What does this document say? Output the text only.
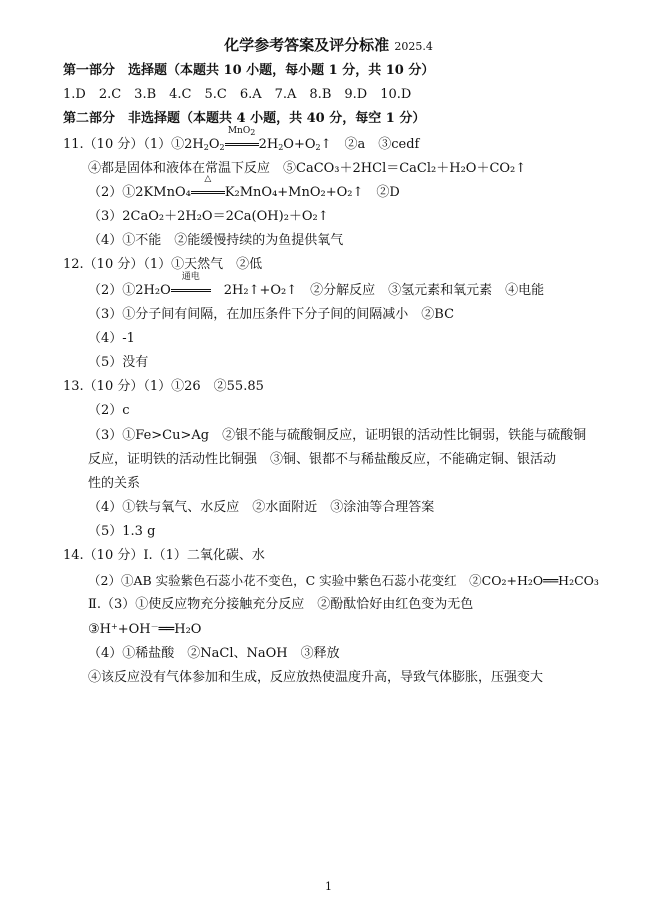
化学参考答案及评分标准 2025.4
第一部分　选择题（本题共 10 小题，每小题 1 分，共 10 分）
1.D　2.C　3.B　4.C　5.C　6.A　7.A　8.B　9.D　10.D
第二部分　非选择题（本题共 4 小题，共 40 分，每空 1 分）
11.（10 分）$(1)①2H_2O_2$
MnO$_2$
$2H_2O+O_2↑$　②a　③cedf
④都是固体和液体在常温下反应　⑤CaCO₃＋2HCl＝CaCl₂＋H₂O＋CO₂↑
（2）①2KMnO₄
△
K₂MnO₄+MnO₂+O₂↑　②D
（3）2CaO₂＋2H₂O＝2Ca(OH)₂＋O₂↑
（4）①不能　②能缓慢持续的为鱼提供氧气
12.（10 分）（1）①天然气　②低
（2）①2H₂O
通电
　2H₂↑+O₂↑　②分解反应　③氢元素和氧元素　④电能
（3）①分子间有间隔，在加压条件下分子间的间隔减小　②BC
（4）-1
（5）没有
13.（10 分）（1）①26　②55.85
（2）c
（3）①Fe>Cu>Ag　②银不能与硫酸铜反应，证明银的活动性比铜弱，铁能与硫酸铜
反应，证明铁的活动性比铜强　③铜、银都不与稀盐酸反应，不能确定铜、银活动
性的关系
（4）①铁与氧气、水反应　②水面附近　③涂油等合理答案
（5）1.3 g
14.（10 分）Ⅰ.（1）二氧化碳、水
（2）①AB 实验紫色石蕊小花不变色，C 实验中紫色石蕊小花变红　②CO₂+H₂O══H₂CO₃
Ⅱ.（3）①使反应物充分接触充分反应　②酚酞恰好由红色变为无色
③H++OH－══H₂O
（4）①稀盐酸　②NaCl、NaOH　③释放
④该反应没有气体参加和生成，反应放热使温度升高，导致气体膨胀，压强变大
1
